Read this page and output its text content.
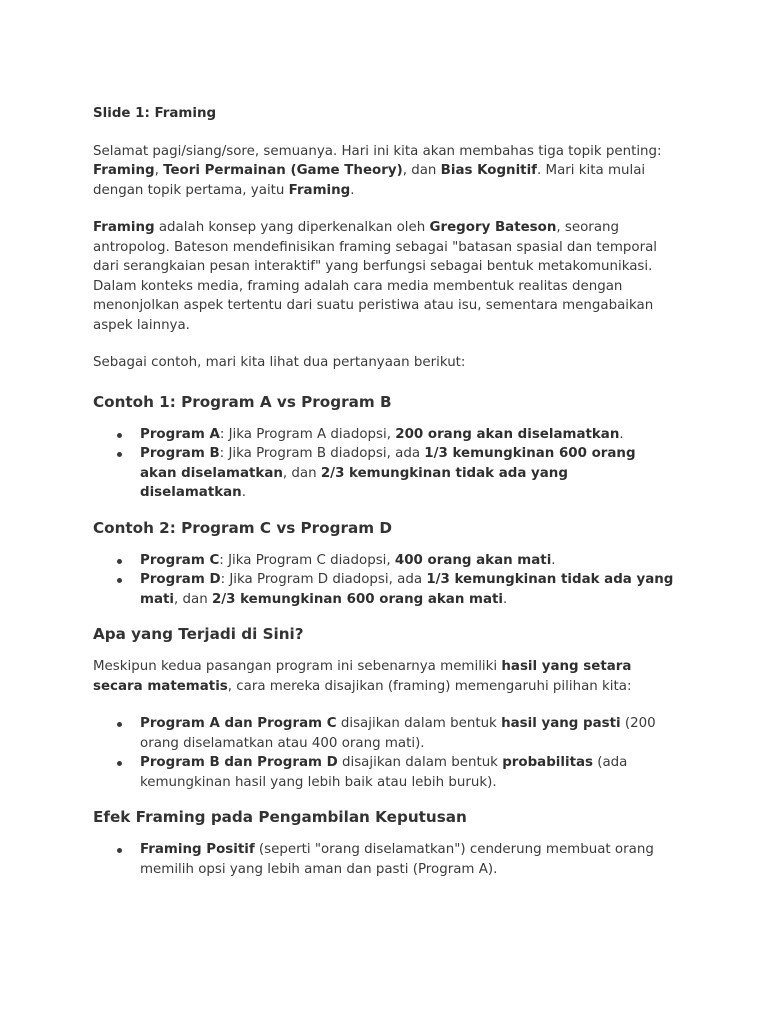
Slide 1: Framing

Selamat pagi/siang/sore, semuanya. Hari ini kita akan membahas tiga topik penting: Framing, Teori Permainan (Game Theory), dan Bias Kognitif. Mari kita mulai dengan topik pertama, yaitu Framing.

Framing adalah konsep yang diperkenalkan oleh Gregory Bateson, seorang antropolog. Bateson mendefinisikan framing sebagai "batasan spasial dan temporal dari serangkaian pesan interaktif" yang berfungsi sebagai bentuk metakomunikasi. Dalam konteks media, framing adalah cara media membentuk realitas dengan menonjolkan aspek tertentu dari suatu peristiwa atau isu, sementara mengabaikan aspek lainnya.

Sebagai contoh, mari kita lihat dua pertanyaan berikut:

Contoh 1: Program A vs Program B
Program A: Jika Program A diadopsi, 200 orang akan diselamatkan.
Program B: Jika Program B diadopsi, ada 1/3 kemungkinan 600 orang akan diselamatkan, dan 2/3 kemungkinan tidak ada yang diselamatkan.
Contoh 2: Program C vs Program D
Program C: Jika Program C diadopsi, 400 orang akan mati.
Program D: Jika Program D diadopsi, ada 1/3 kemungkinan tidak ada yang mati, dan 2/3 kemungkinan 600 orang akan mati.
Apa yang Terjadi di Sini?

Meskipun kedua pasangan program ini sebenarnya memiliki hasil yang setara secara matematis, cara mereka disajikan (framing) memengaruhi pilihan kita:

Program A dan Program C disajikan dalam bentuk hasil yang pasti (200 orang diselamatkan atau 400 orang mati).
Program B dan Program D disajikan dalam bentuk probabilitas (ada kemungkinan hasil yang lebih baik atau lebih buruk).
Efek Framing pada Pengambilan Keputusan
Framing Positif (seperti "orang diselamatkan") cenderung membuat orang memilih opsi yang lebih aman dan pasti (Program A).
